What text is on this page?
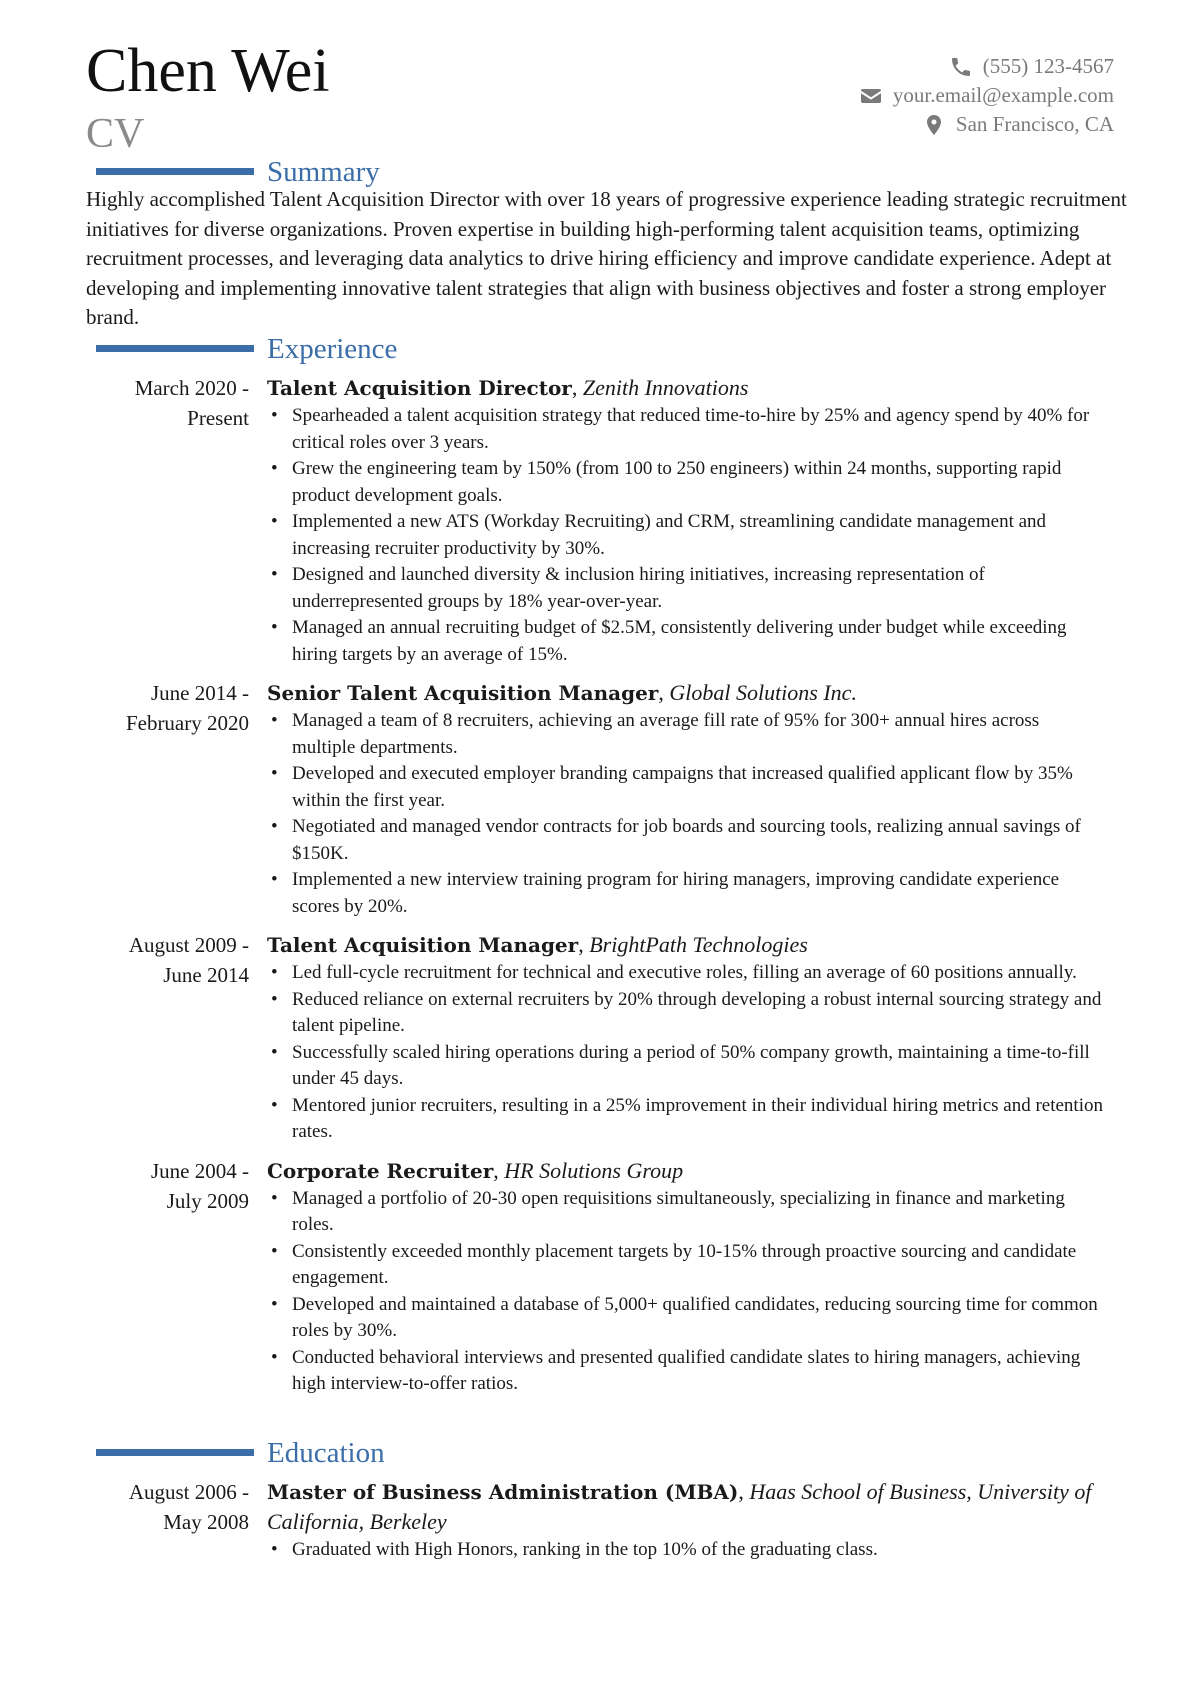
Chen Wei
CV
(555) 123-4567
your.email@example.com
San Francisco, CA
Summary

Highly accomplished Talent Acquisition Director with over 18 years of progressive experience leading strategic recruitment initiatives for diverse organizations. Proven expertise in building high-performing talent acquisition teams, optimizing recruitment processes, and leveraging data analytics to drive hiring efficiency and improve candidate experience. Adept at developing and implementing innovative talent strategies that align with business objectives and foster a strong employer brand.

Experience
March 2020 -
Present
Talent Acquisition Director, Zenith Innovations
• Spearheaded a talent acquisition strategy that reduced time-to-hire by 25% and agency spend by 40% for critical roles over 3 years.
• Grew the engineering team by 150% (from 100 to 250 engineers) within 24 months, supporting rapid product development goals.
• Implemented a new ATS (Workday Recruiting) and CRM, streamlining candidate management and increasing recruiter productivity by 30%.
• Designed and launched diversity & inclusion hiring initiatives, increasing representation of underrepresented groups by 18% year-over-year.
• Managed an annual recruiting budget of $2.5M, consistently delivering under budget while exceeding hiring targets by an average of 15%.
June 2014 -
February 2020
Senior Talent Acquisition Manager, Global Solutions Inc.
• Managed a team of 8 recruiters, achieving an average fill rate of 95% for 300+ annual hires across multiple departments.
• Developed and executed employer branding campaigns that increased qualified applicant flow by 35% within the first year.
• Negotiated and managed vendor contracts for job boards and sourcing tools, realizing annual savings of $150K.
• Implemented a new interview training program for hiring managers, improving candidate experience scores by 20%.
August 2009 -
June 2014
Talent Acquisition Manager, BrightPath Technologies
• Led full-cycle recruitment for technical and executive roles, filling an average of 60 positions annually.
• Reduced reliance on external recruiters by 20% through developing a robust internal sourcing strategy and talent pipeline.
• Successfully scaled hiring operations during a period of 50% company growth, maintaining a time-to-fill under 45 days.
• Mentored junior recruiters, resulting in a 25% improvement in their individual hiring metrics and retention rates.
June 2004 -
July 2009
Corporate Recruiter, HR Solutions Group
• Managed a portfolio of 20-30 open requisitions simultaneously, specializing in finance and marketing roles.
• Consistently exceeded monthly placement targets by 10-15% through proactive sourcing and candidate engagement.
• Developed and maintained a database of 5,000+ qualified candidates, reducing sourcing time for common roles by 30%.
• Conducted behavioral interviews and presented qualified candidate slates to hiring managers, achieving high interview-to-offer ratios.
Education
August 2006 -
May 2008
Master of Business Administration (MBA), Haas School of Business, University of California, Berkeley
• Graduated with High Honors, ranking in the top 10% of the graduating class.
